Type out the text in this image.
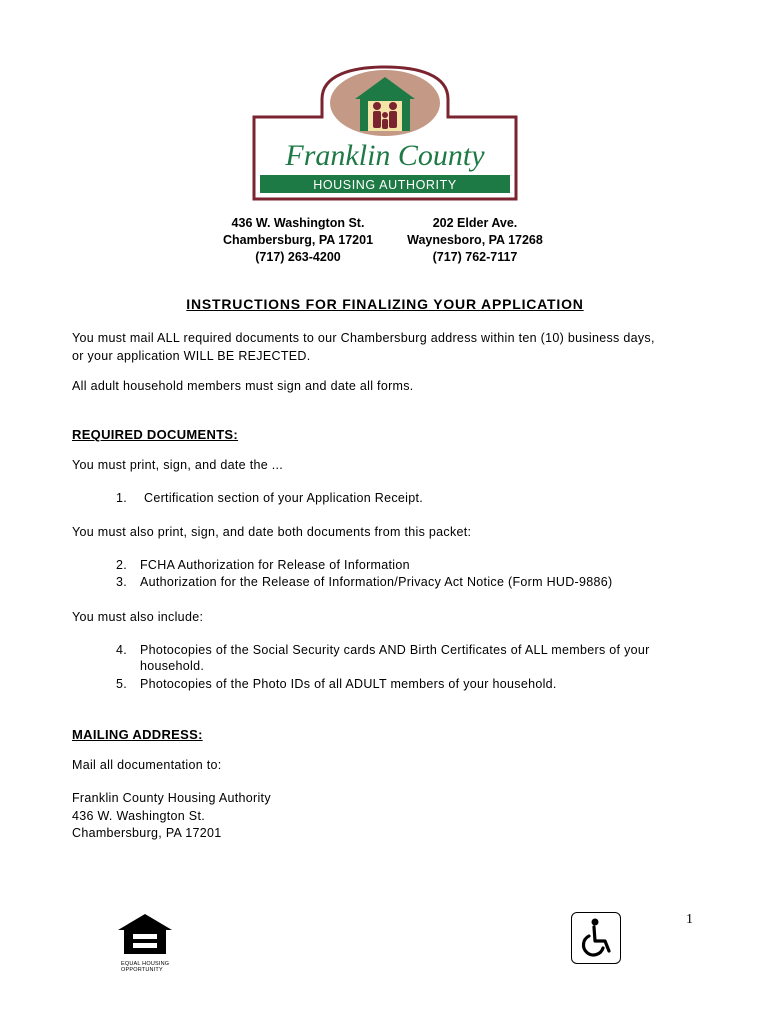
Franklin County
HOUSING AUTHORITY
436 W. Washington St.
Chambersburg, PA 17201
(717) 263-4200
202 Elder Ave.
Waynesboro, PA 17268
(717) 762-7117
INSTRUCTIONS FOR FINALIZING YOUR APPLICATION
You must mail ALL required documents to our Chambersburg address within ten (10) business days,
or your application WILL BE REJECTED.
All adult household members must sign and date all forms.
REQUIRED DOCUMENTS:
You must print, sign, and date the ...
1. Certification section of your Application Receipt.
You must also print, sign, and date both documents from this packet:
2. FCHA Authorization for Release of Information
3. Authorization for the Release of Information/Privacy Act Notice (Form HUD-9886)
You must also include:
4. Photocopies of the Social Security cards AND Birth Certificates of ALL members of your
household.
5. Photocopies of the Photo IDs of all ADULT members of your household.
MAILING ADDRESS:
Mail all documentation to:
Franklin County Housing Authority
436 W. Washington St.
Chambersburg, PA 17201
EQUAL HOUSING
OPPORTUNITY
1
